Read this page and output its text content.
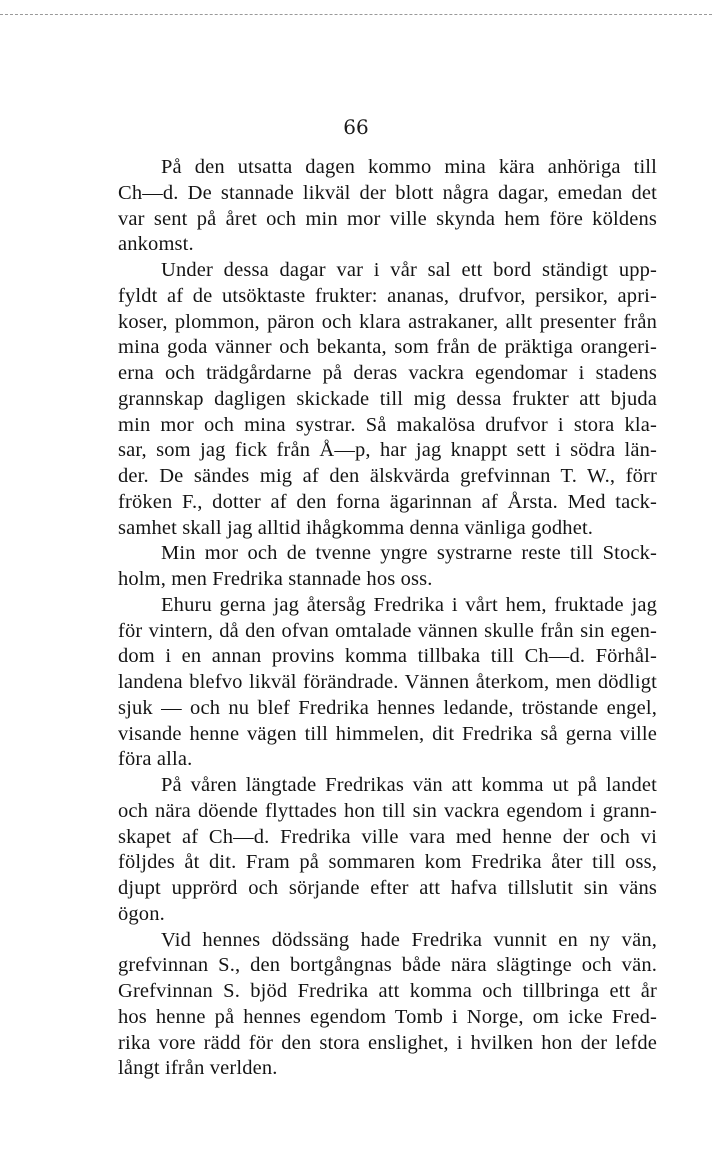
66
På den utsatta dagen kommo mina kära anhöriga till
Ch—d. De stannade likväl der blott några dagar, emedan det
var sent på året och min mor ville skynda hem före köldens
ankomst.
Under dessa dagar var i vår sal ett bord ständigt upp-
fyldt af de utsöktaste frukter: ananas, drufvor, persikor, apri-
koser, plommon, päron och klara astrakaner, allt presenter från
mina goda vänner och bekanta, som från de präktiga orangeri-
erna och trädgårdarne på deras vackra egendomar i stadens
grannskap dagligen skickade till mig dessa frukter att bjuda
min mor och mina systrar. Så makalösa drufvor i stora kla-
sar, som jag fick från Å—p, har jag knappt sett i södra län-
der. De sändes mig af den älskvärda grefvinnan T. W., förr
fröken F., dotter af den forna ägarinnan af Årsta. Med tack-
samhet skall jag alltid ihågkomma denna vänliga godhet.
Min mor och de tvenne yngre systrarne reste till Stock-
holm, men Fredrika stannade hos oss.
Ehuru gerna jag återsåg Fredrika i vårt hem, fruktade jag
för vintern, då den ofvan omtalade vännen skulle från sin egen-
dom i en annan provins komma tillbaka till Ch—d. Förhål-
landena blefvo likväl förändrade. Vännen återkom, men dödligt
sjuk — och nu blef Fredrika hennes ledande, tröstande engel,
visande henne vägen till himmelen, dit Fredrika så gerna ville
föra alla.
På våren längtade Fredrikas vän att komma ut på landet
och nära döende flyttades hon till sin vackra egendom i grann-
skapet af Ch—d. Fredrika ville vara med henne der och vi
följdes åt dit. Fram på sommaren kom Fredrika åter till oss,
djupt upprörd och sörjande efter att hafva tillslutit sin väns
ögon.
Vid hennes dödssäng hade Fredrika vunnit en ny vän,
grefvinnan S., den bortgångnas både nära slägtinge och vän.
Grefvinnan S. bjöd Fredrika att komma och tillbringa ett år
hos henne på hennes egendom Tomb i Norge, om icke Fred-
rika vore rädd för den stora enslighet, i hvilken hon der lefde
långt ifrån verlden.
